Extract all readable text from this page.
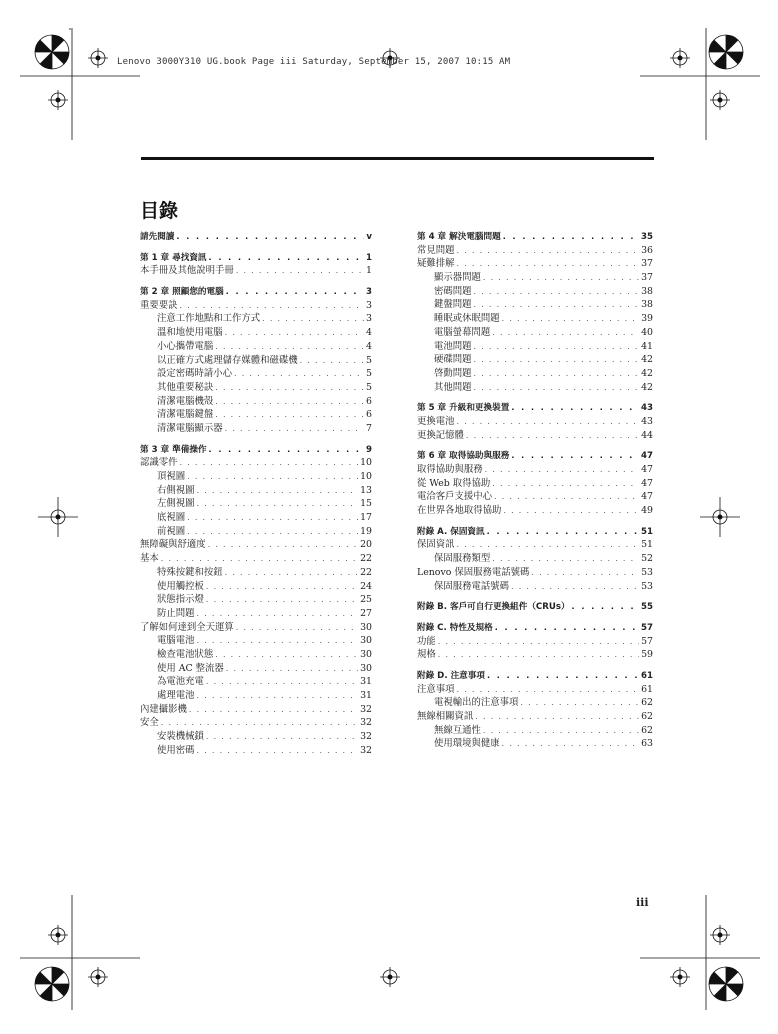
Lenovo 3000Y310 UG.book Page iii Saturday, September 15, 2007 10:15 AM
目錄
請先閱讀 . . .	v
第 1 章 尋找資訊 . . .	1
本手冊及其他說明手冊 . . .	1
第 2 章 照顧您的電腦 . . .	3
重要要訣 . . .	3
注意工作地點和工作方式 . . .	3
溫和地使用電腦 . . .	4
小心攜帶電腦 . . .	4
以正確方式處理儲存媒體和磁碟機 . . .	5
設定密碼時請小心 . . .	5
其他重要秘訣 . . .	5
清潔電腦機殼 . . .	6
清潔電腦鍵盤 . . .	6
清潔電腦顯示器 . . .	7
第 3 章 準備操作 . . .	9
認識零件 . . .	10
頂視圖 . . .	10
右側視圖 . . .	13
左側視圖 . . .	15
底視圖 . . .	17
前視圖 . . .	19
無障礙與舒適度 . . .	20
基本 . . .	22
特殊按鍵和按鈕 . . .	22
使用觸控板 . . .	24
狀態指示燈 . . .	25
防止問題 . . .	27
了解如何達到全天運算 . . .	30
電腦電池 . . .	30
檢查電池狀態 . . .	30
使用 AC 整流器 . . .	30
為電池充電 . . .	31
處理電池 . . .	31
內建攝影機 . . .	32
安全 . . .	32
安裝機械鎖 . . .	32
使用密碼 . . .	32
第 4 章 解決電腦問題 . . .	35
常見問題 . . .	36
疑難排解 . . .	37
顯示器問題 . . .	37
密碼問題 . . .	38
鍵盤問題 . . .	38
睡眠或休眠問題 . . .	39
電腦螢幕問題 . . .	40
電池問題 . . .	41
硬碟問題 . . .	42
啓動問題 . . .	42
其他問題 . . .	42
第 5 章 升級和更換裝置 . . .	43
更換電池 . . .	43
更換記憶體 . . .	44
第 6 章 取得協助與服務 . . .	47
取得協助與服務 . . .	47
從 Web 取得協助 . . .	47
電洽客戶支援中心 . . .	47
在世界各地取得協助 . . .	49
附錄 A. 保固資訊 . . .	51
保固資訊 . . .	51
保固服務類型 . . .	52
Lenovo 保固服務電話號碼 . . .	53
保固服務電話號碼 . . .	53
附錄 B. 客戶可自行更換組件（CRUs） . . .	55
附錄 C. 特性及規格 . . .	57
功能 . . .	57
規格 . . .	59
附錄 D. 注意事項 . . .	61
注意事項 . . .	61
電視輸出的注意事項 . . .	62
無線相關資訊 . . .	62
無線互通性 . . .	62
使用環境與健康 . . .	63
iii
